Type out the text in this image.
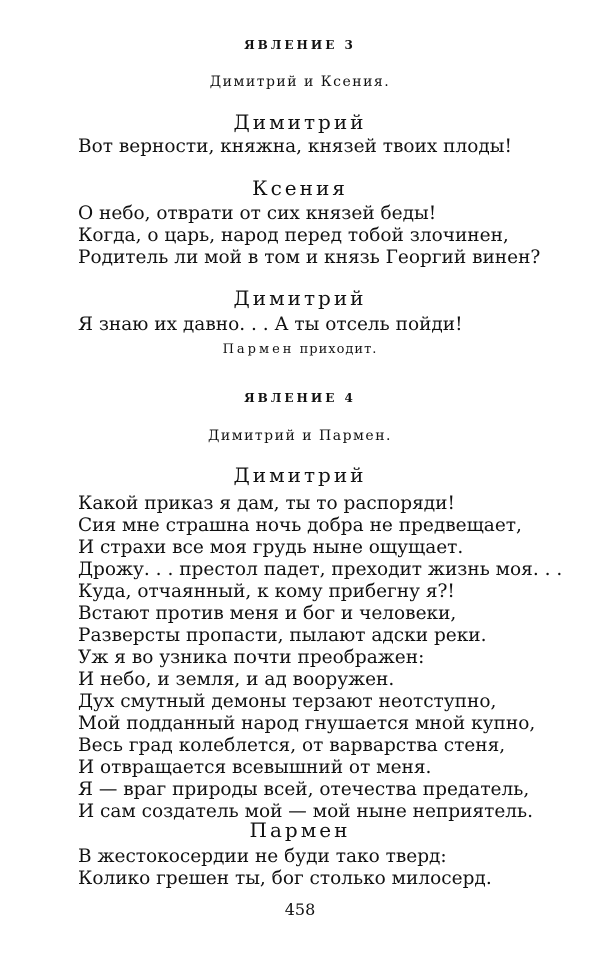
ЯВЛЕНИЕ 3
Димитрий и Ксения.
Димитрий
Вот верности, княжна, князей твоих плоды!
Ксения
О небо, отврати от сих князей беды!
Когда, о царь, народ перед тобой злочинен,
Родитель ли мой в том и князь Георгий винен?
Димитрий
Я знаю их давно. . . А ты отсель пойди!
Пармен приходит.
ЯВЛЕНИЕ 4
Димитрий и Пармен.
Димитрий
Какой приказ я дам, ты то распоряди!
Сия мне страшна ночь добра не предвещает,
И страхи все моя грудь ныне ощущает.
Дрожу. . . престол падет, преходит жизнь моя. . .
Куда, отчаянный, к кому прибегну я?!
Встают против меня и бог и человеки,
Разверсты пропасти, пылают адски реки.
Уж я во узника почти преображен:
И небо, и земля, и ад вооружен.
Дух смутный демоны терзают неотступно,
Мой подданный народ гнушается мной купно,
Весь град колеблется, от варварства стеня,
И отвращается всевышний от меня.
Я — враг природы всей, отечества предатель,
И сам создатель мой — мой ныне неприятель.
Пармен
В жестокосердии не буди тако тверд:
Колико грешен ты, бог столько милосерд.
458
